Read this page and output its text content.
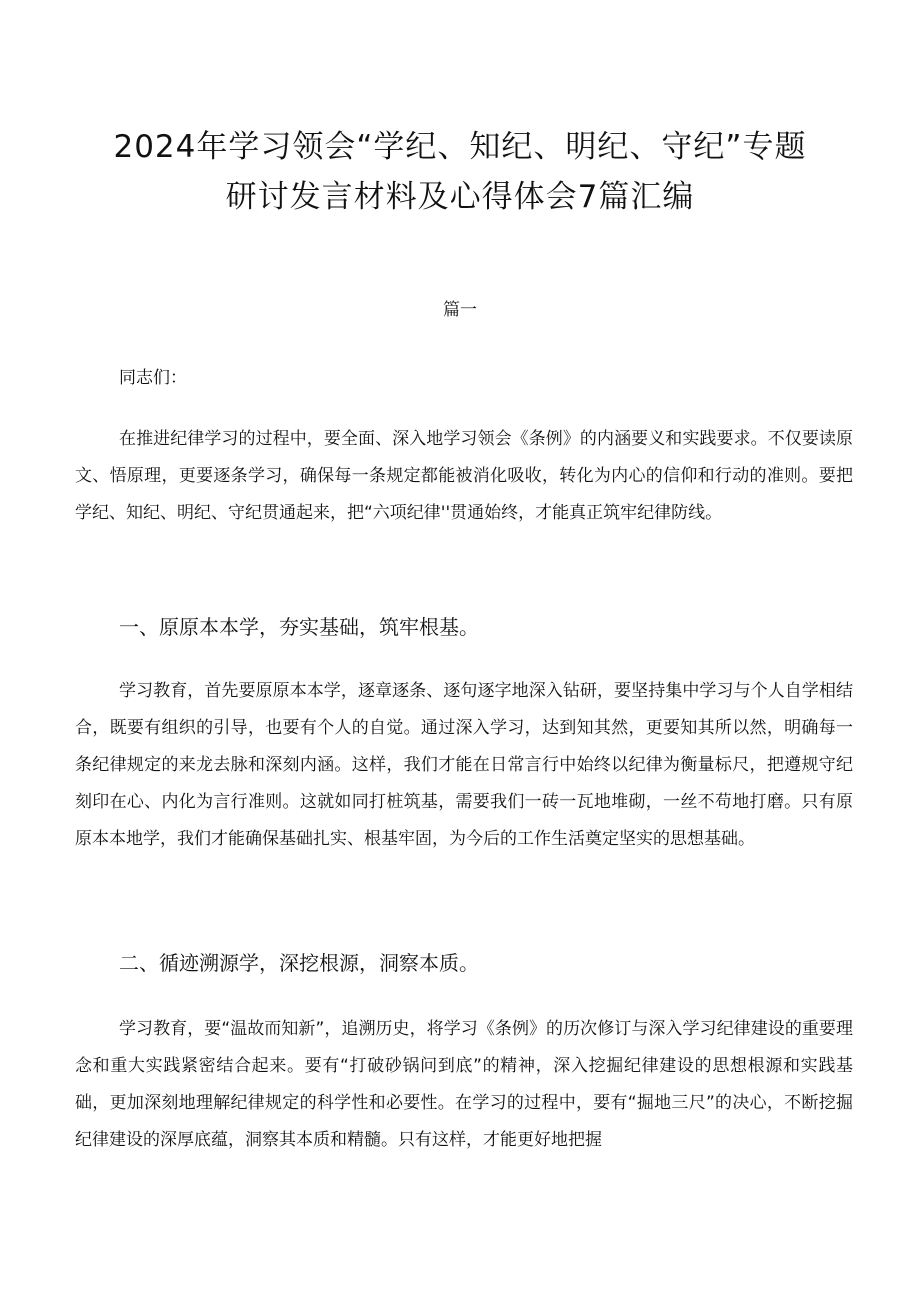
2024年学习领会“学纪、知纪、明纪、守纪”专题
研讨发言材料及心得体会7篇汇编
篇一
同志们：

在推进纪律学习的过程中，要全面、深入地学习领会《条例》的内涵要义和实践要求。不仅要读原文、悟原理，更要逐条学习，确保每一条规定都能被消化吸收，转化为内心的信仰和行动的准则。要把学纪、知纪、明纪、守纪贯通起来，把“六项纪律''贯通始终，才能真正筑牢纪律防线。

一、原原本本学，夯实基础，筑牢根基。

学习教育，首先要原原本本学，逐章逐条、逐句逐字地深入钻研，要坚持集中学习与个人自学相结合，既要有组织的引导，也要有个人的自觉。通过深入学习，达到知其然，更要知其所以然，明确每一条纪律规定的来龙去脉和深刻内涵。这样，我们才能在日常言行中始终以纪律为衡量标尺，把遵规守纪刻印在心、内化为言行准则。这就如同打桩筑基，需要我们一砖一瓦地堆砌，一丝不苟地打磨。只有原原本本地学，我们才能确保基础扎实、根基牢固，为今后的工作生活奠定坚实的思想基础。

二、循迹溯源学，深挖根源，洞察本质。

学习教育，要“温故而知新”，追溯历史，将学习《条例》的历次修订与深入学习纪律建设的重要理念和重大实践紧密结合起来。要有“打破砂锅问到底”的精神，深入挖掘纪律建设的思想根源和实践基础，更加深刻地理解纪律规定的科学性和必要性。在学习的过程中，要有“掘地三尺”的决心，不断挖掘纪律建设的深厚底蕴，洞察其本质和精髓。只有这样，才能更好地把握
